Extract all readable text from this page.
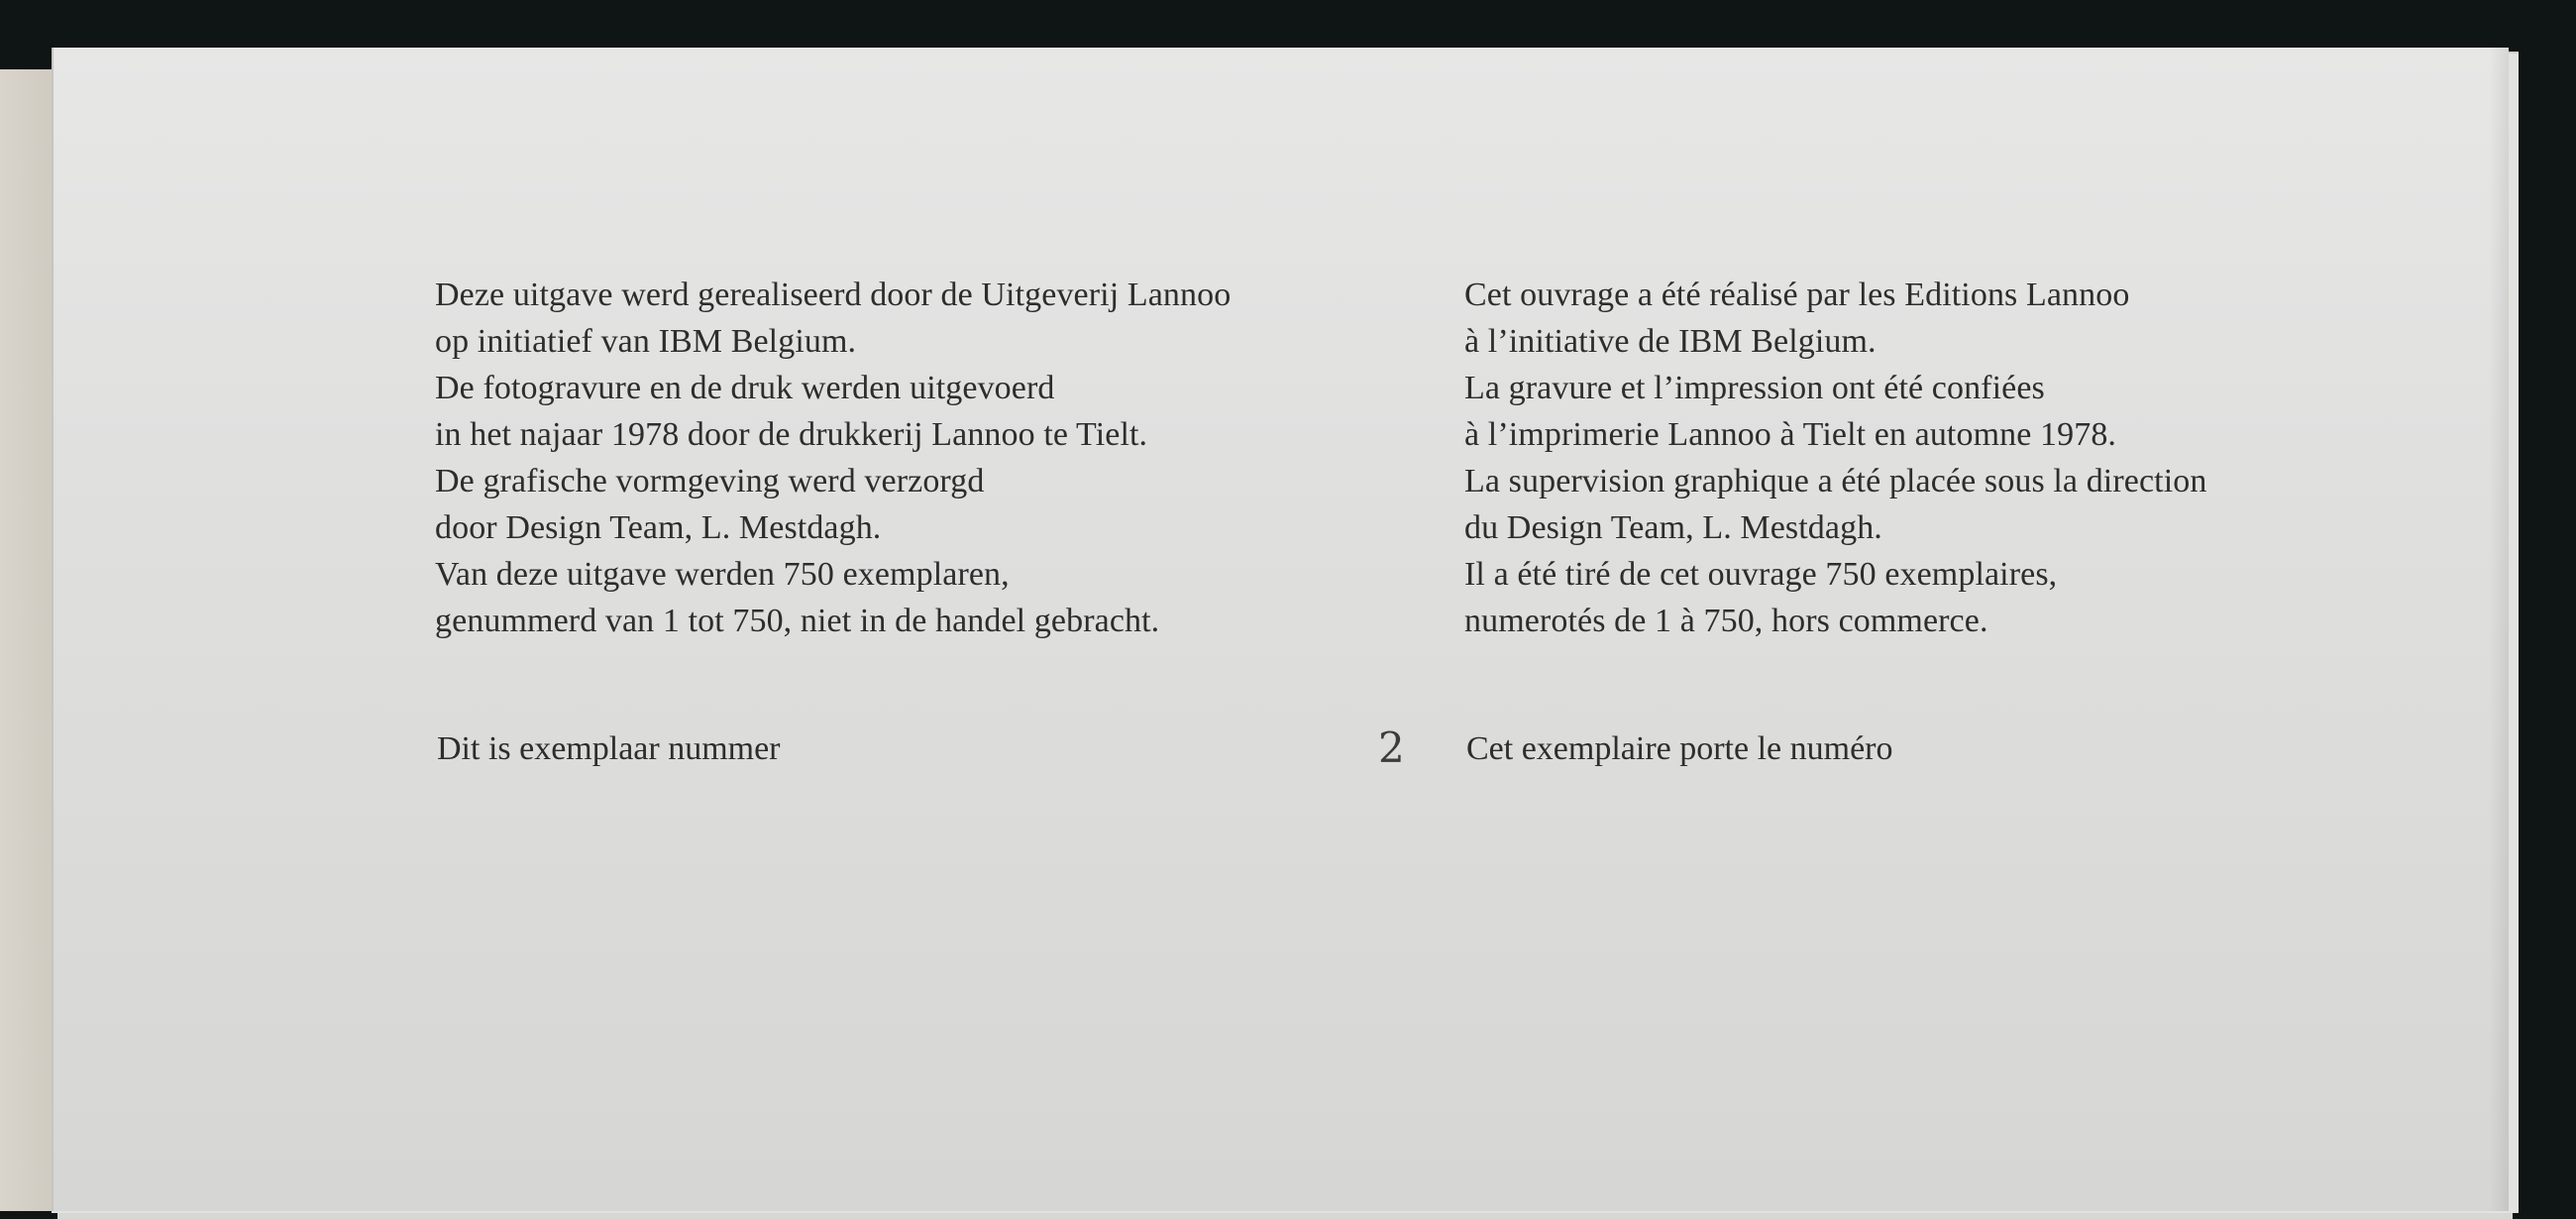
Deze uitgave werd gerealiseerd door de Uitgeverij Lannoo
op initiatief van IBM Belgium.
De fotogravure en de druk werden uitgevoerd
in het najaar 1978 door de drukkerij Lannoo te Tielt.
De grafische vormgeving werd verzorgd
door Design Team, L. Mestdagh.
Van deze uitgave werden 750 exemplaren,
genummerd van 1 tot 750, niet in de handel gebracht.
Cet ouvrage a été réalisé par les Editions Lannoo
à l’initiative de IBM Belgium.
La gravure et l’impression ont été confiées
à l’imprimerie Lannoo à Tielt en automne 1978.
La supervision graphique a été placée sous la direction
du Design Team, L. Mestdagh.
Il a été tiré de cet ouvrage 750 exemplaires,
numerotés de 1 à 750, hors commerce.
Dit is exemplaar nummer	2 Cet exemplaire porte le numéro
